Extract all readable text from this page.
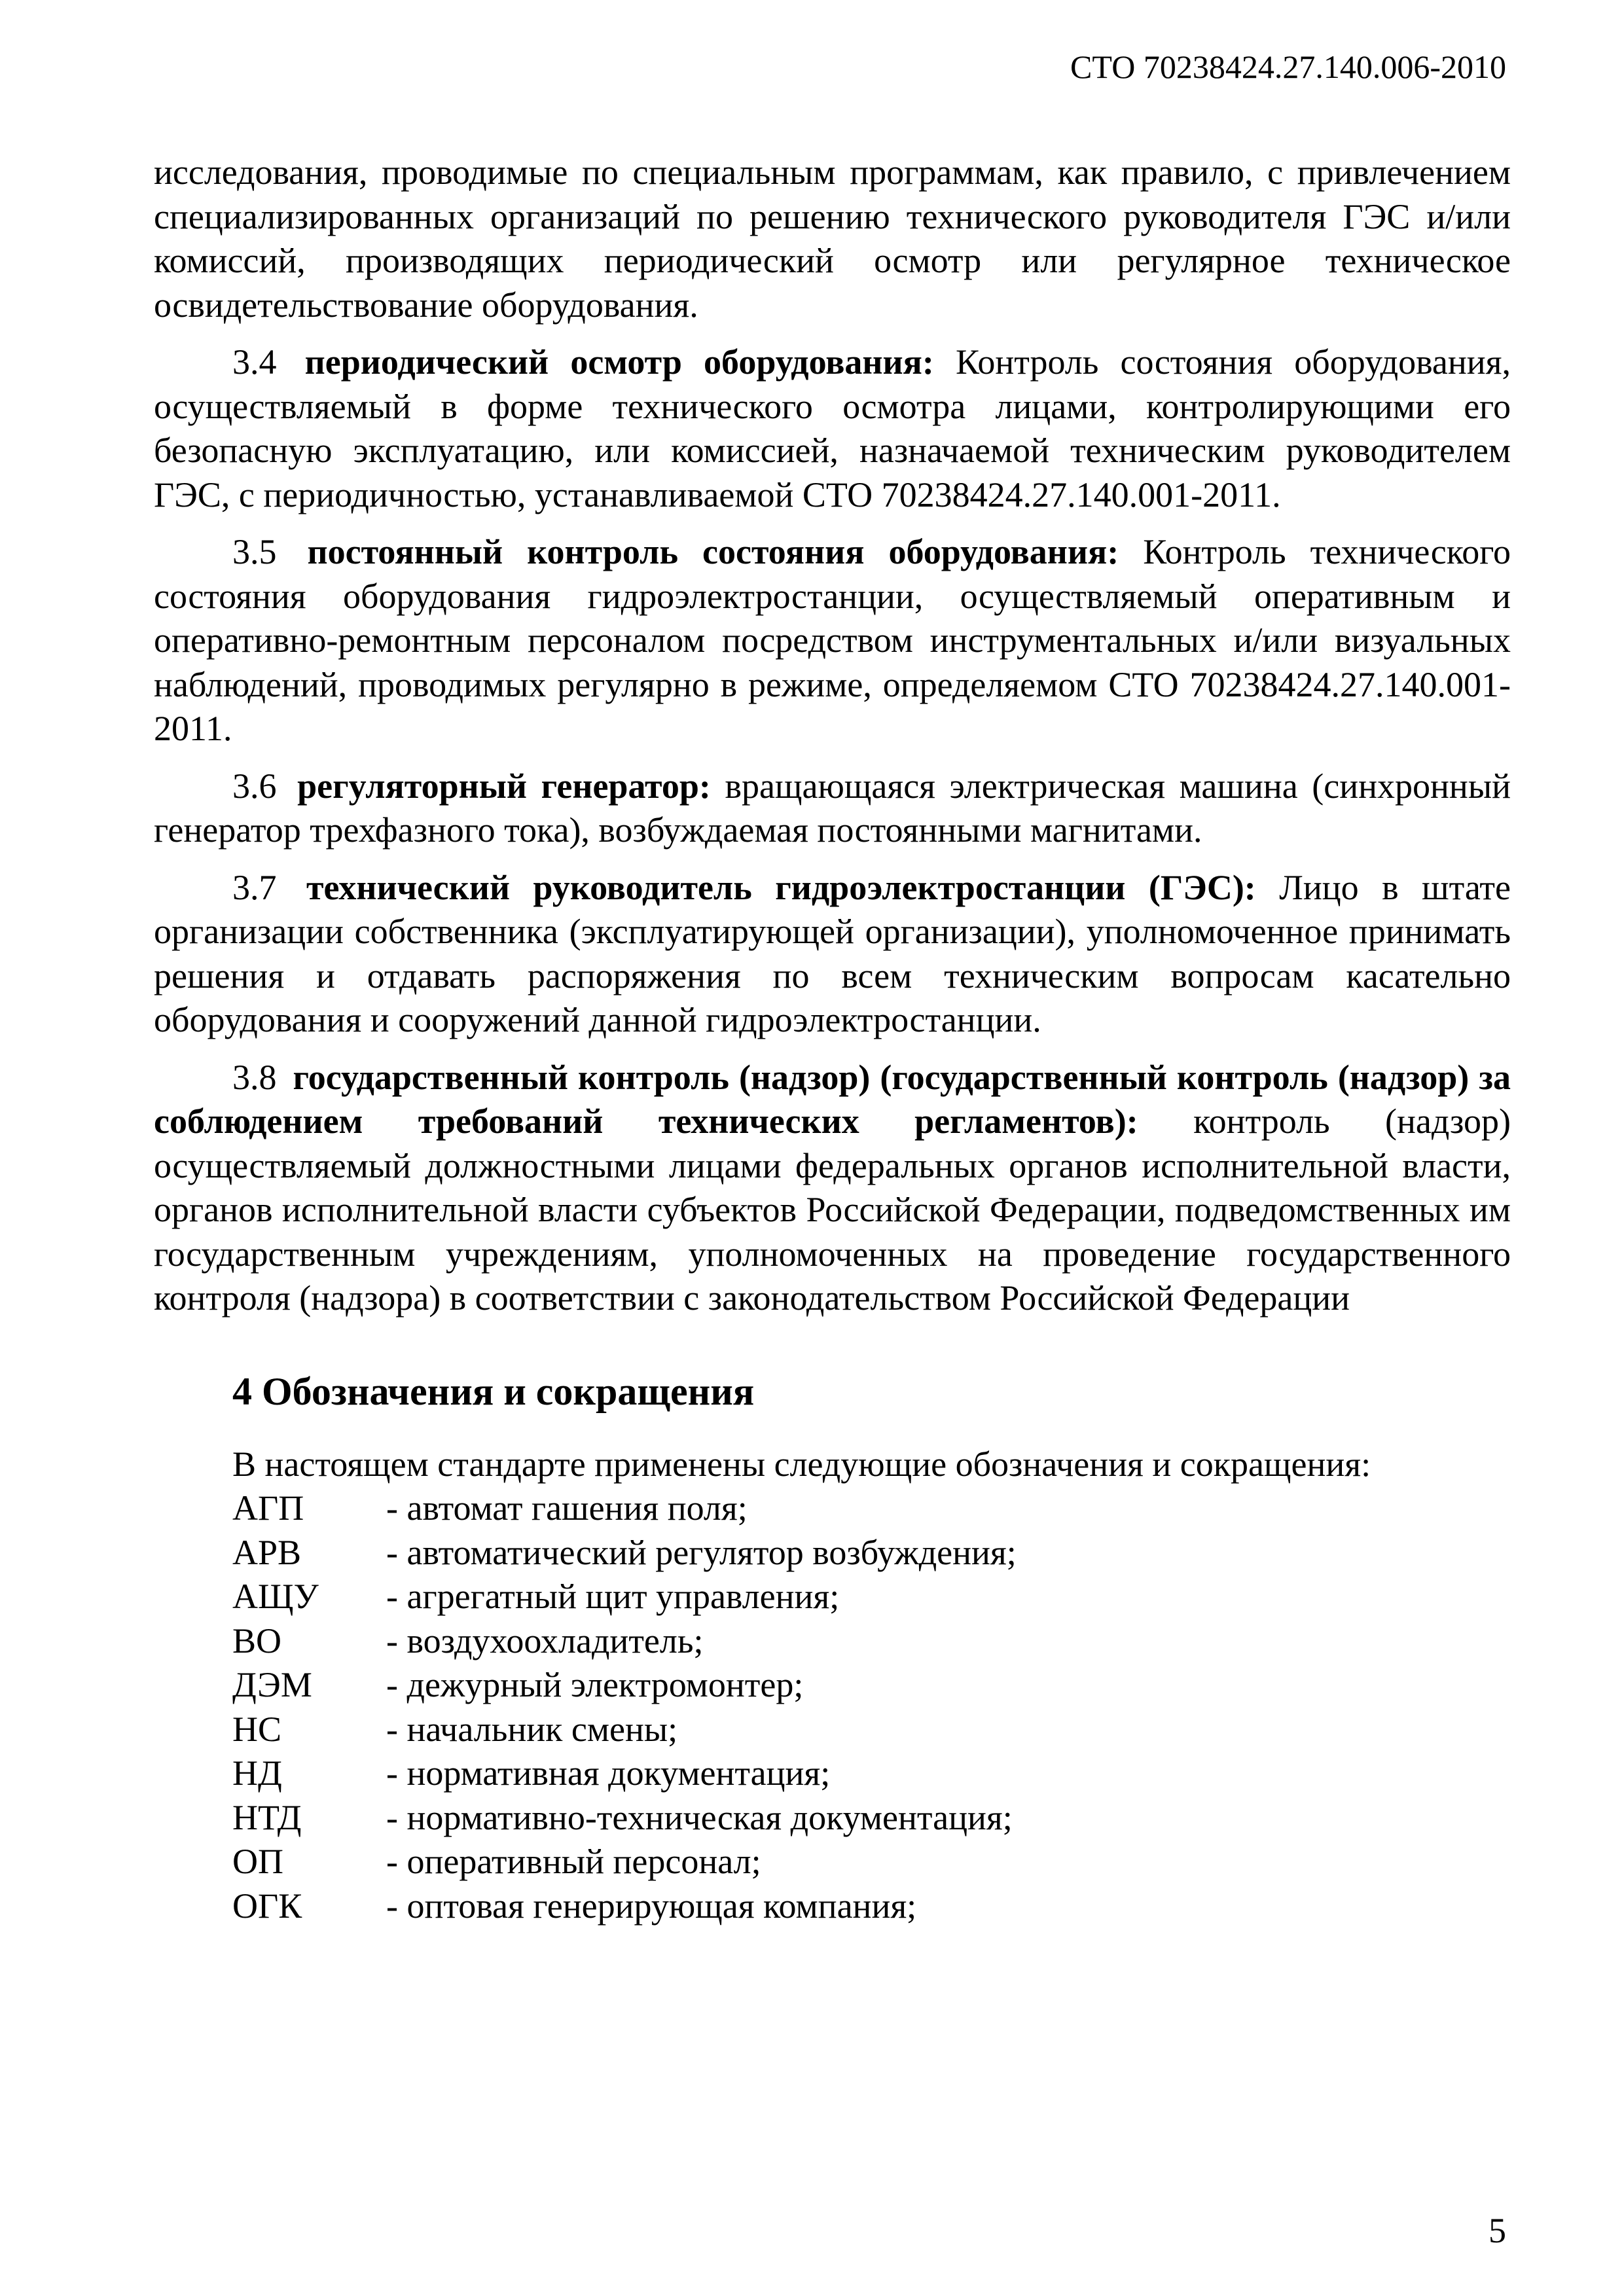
СТО 70238424.27.140.006-2010

исследования, проводимые по специальным программам, как правило, с привлечением специализированных организаций по решению технического руководителя ГЭС и/или комиссий, производящих периодический осмотр или регулярное техническое освидетельствование оборудования.

3.4 периодический осмотр оборудования: Контроль состояния оборудования, осуществляемый в форме технического осмотра лицами, контролирующими его безопасную эксплуатацию, или комиссией, назначаемой техническим руководителем ГЭС, с периодичностью, устанавливаемой СТО 70238424.27.140.001-2011.

3.5 постоянный контроль состояния оборудования: Контроль технического состояния оборудования гидроэлектростанции, осуществляемый оперативным и оперативно-ремонтным персоналом посредством инструментальных и/или визуальных наблюдений, проводимых регулярно в режиме, определяемом СТО 70238424.27.140.001-2011.

3.6 регуляторный генератор: вращающаяся электрическая машина (синхронный генератор трехфазного тока), возбуждаемая постоянными магнитами.

3.7 технический руководитель гидроэлектростанции (ГЭС): Лицо в штате организации собственника (эксплуатирующей организации), уполномоченное принимать решения и отдавать распоряжения по всем техническим вопросам касательно оборудования и сооружений данной гидроэлектростанции.

3.8 государственный контроль (надзор) (государственный контроль (надзор) за соблюдением требований технических регламентов): контроль (надзор) осуществляемый должностными лицами федеральных органов исполнительной власти, органов исполнительной власти субъектов Российской Федерации, подведомственных им государственным учреждениям, уполномоченных на проведение государственного контроля (надзора) в соответствии с законодательством Российской Федерации

4 Обозначения и сокращения
В настоящем стандарте применены следующие обозначения и сокращения:
АГП	- автомат гашения поля;
АРВ	- автоматический регулятор возбуждения;
АЩУ	- агрегатный щит управления;
ВО	- воздухоохладитель;
ДЭМ	- дежурный электромонтер;
НС	- начальник смены;
НД	- нормативная документация;
НТД	- нормативно-техническая документация;
ОП	- оперативный персонал;
ОГК	- оптовая генерирующая компания;
5
